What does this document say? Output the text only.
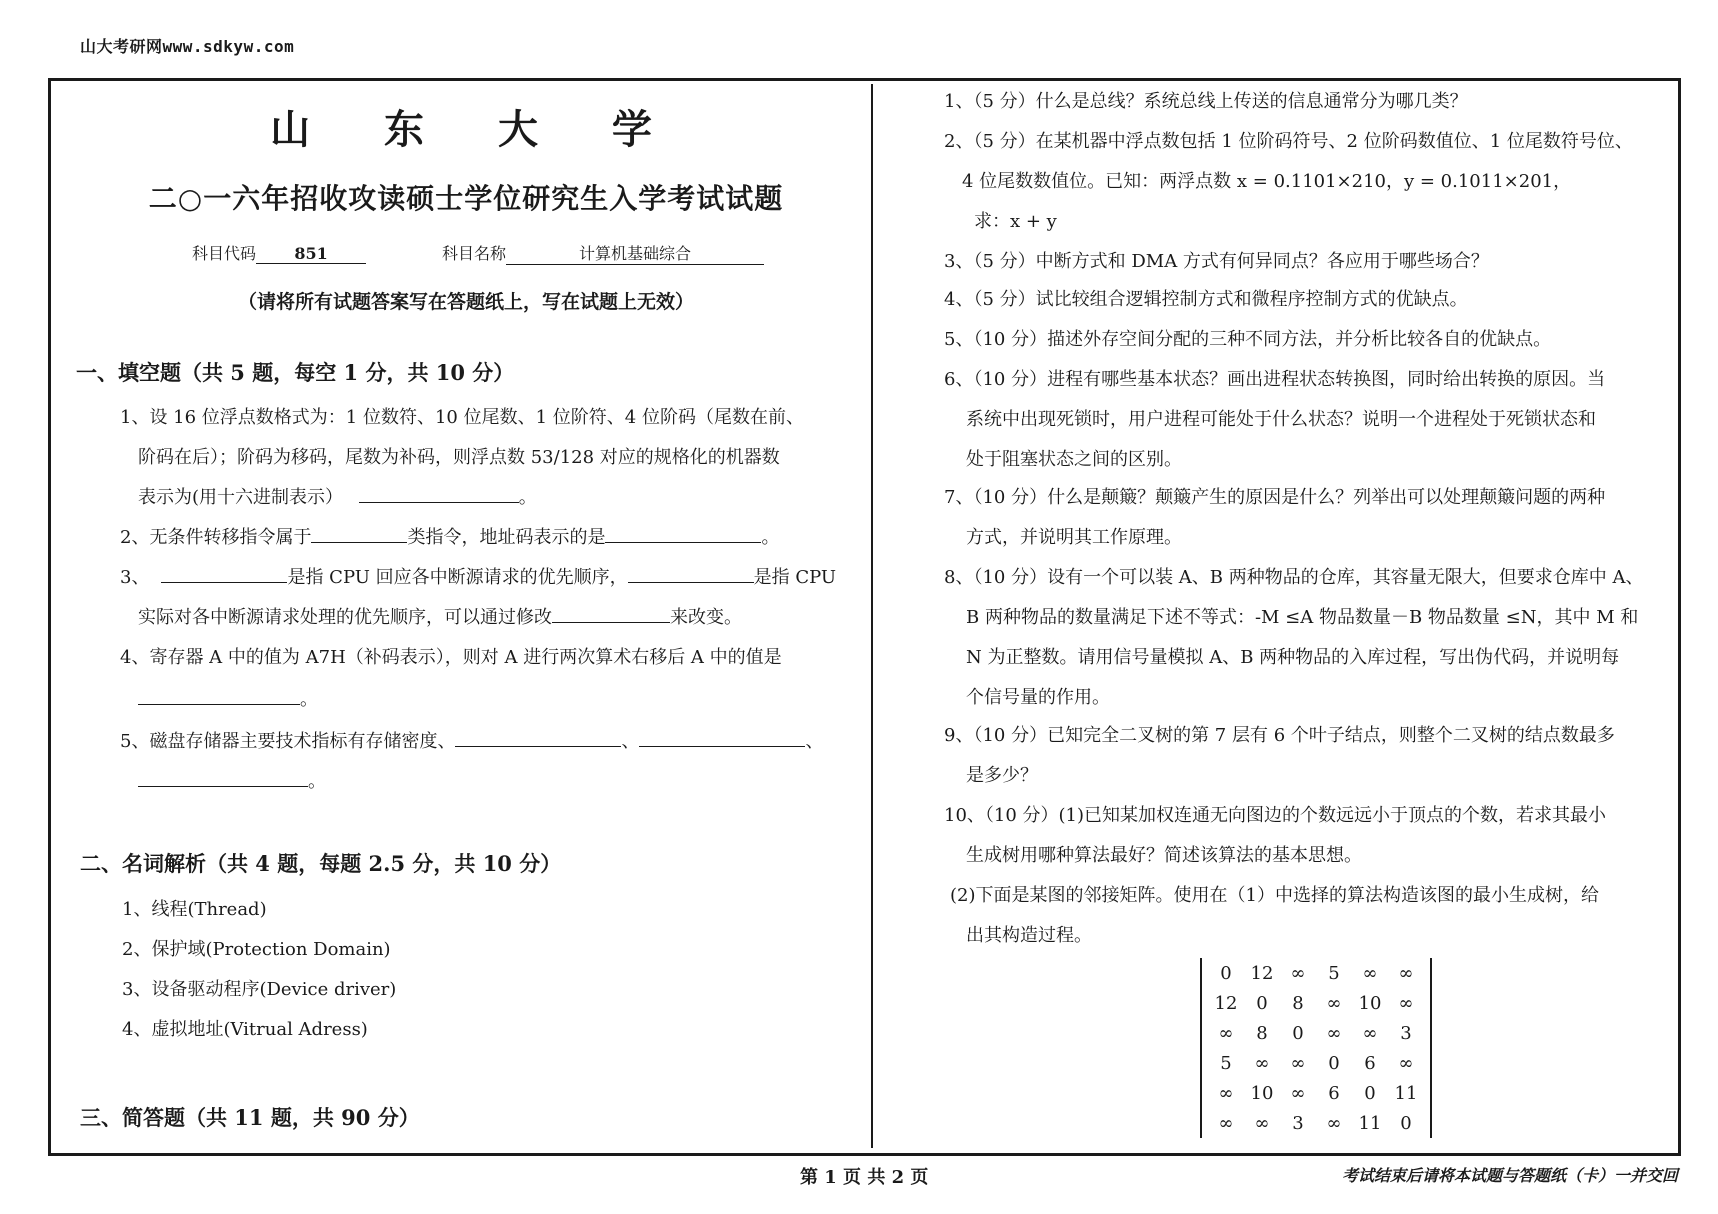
山大考研网www.sdkyw.com
山 东 大 学
二○一六年招收攻读硕士学位研究生入学考试试题
科目代码 851	科目名称	计算机基础综合
（请将所有试题答案写在答题纸上，写在试题上无效）
一、填空题（共 5 题，每空 1 分，共 10 分）
1、设 16 位浮点数格式为：1 位数符、10 位尾数、1 位阶符、4 位阶码（尾数在前、
阶码在后）；阶码为移码，尾数为补码，则浮点数 53/128 对应的规格化的机器数
表示为(用十六进制表示）	。
2、无条件转移指令属于	类指令，地址码表示的是	。
3、	是指 CPU 回应各中断源请求的优先顺序，	是指 CPU
实际对各中断源请求处理的优先顺序，可以通过修改	来改变。
4、寄存器 A 中的值为 A7H（补码表示），则对 A 进行两次算术右移后 A 中的值是
。
5、磁盘存储器主要技术指标有存储密度、	、	、
。
二、名词解析（共 4 题，每题 2.5 分，共 10 分）
1、线程(Thread)
2、保护域(Protection Domain)
3、设备驱动程序(Device driver)
4、虚拟地址(Vitrual Adress)
三、简答题（共 11 题，共 90 分）
1、（5 分）什么是总线？系统总线上传送的信息通常分为哪几类？
2、（5 分）在某机器中浮点数包括 1 位阶码符号、2 位阶码数值位、1 位尾数符号位、
4 位尾数数值位。已知：两浮点数 x = 0.1101×210，y = 0.1011×201，
求：x + y
3、（5 分）中断方式和 DMA 方式有何异同点？各应用于哪些场合？
4、（5 分）试比较组合逻辑控制方式和微程序控制方式的优缺点。
5、（10 分）描述外存空间分配的三种不同方法，并分析比较各自的优缺点。
6、（10 分）进程有哪些基本状态？画出进程状态转换图，同时给出转换的原因。当
系统中出现死锁时，用户进程可能处于什么状态？说明一个进程处于死锁状态和
处于阻塞状态之间的区别。
7、（10 分）什么是颠簸？颠簸产生的原因是什么？列举出可以处理颠簸问题的两种
方式，并说明其工作原理。
8、（10 分）设有一个可以装 A、B 两种物品的仓库，其容量无限大，但要求仓库中 A、
B 两种物品的数量满足下述不等式：-M ≤A 物品数量－B 物品数量 ≤N，其中 M 和
N 为正整数。请用信号量模拟 A、B 两种物品的入库过程，写出伪代码，并说明每
个信号量的作用。
9、（10 分）已知完全二叉树的第 7 层有 6 个叶子结点，则整个二叉树的结点数最多
是多少？
10、（10 分）(1)已知某加权连通无向图边的个数远远小于顶点的个数，若求其最小
生成树用哪种算法最好？简述该算法的基本思想。
(2)下面是某图的邻接矩阵。使用在（1）中选择的算法构造该图的最小生成树，给
出其构造过程。
0	12	∞	5	∞	∞
12	0	8	∞	10	∞
∞	8	0	∞	∞	3
5	∞	∞	0	6	∞
∞	10	∞	6	0	11
∞	∞	3	∞	11	0
第 1 页 共 2 页	考试结束后请将本试题与答题纸（卡）一并交回
